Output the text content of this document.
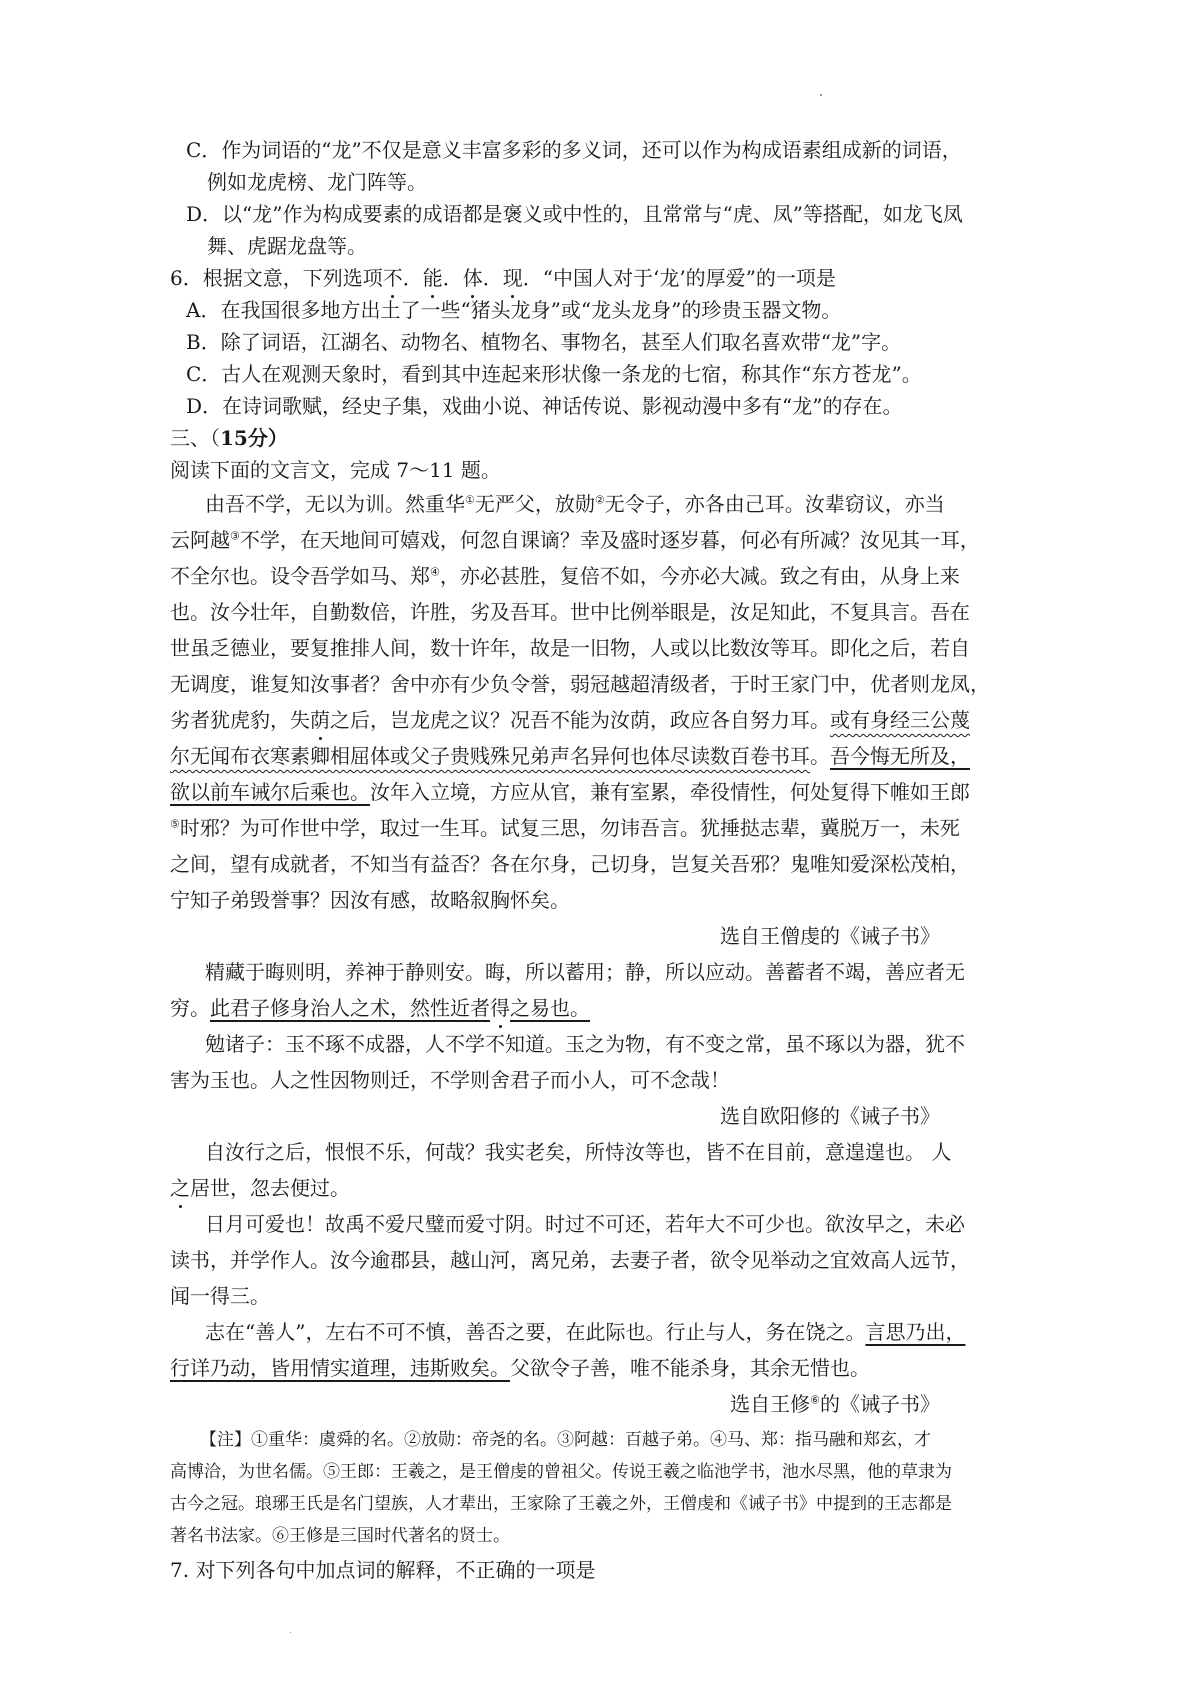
C．作为词语的“龙”不仅是意义丰富多彩的多义词，还可以作为构成语素组成新的词语，
例如龙虎榜、龙门阵等。
D．以“龙”作为构成要素的成语都是褒义或中性的，且常常与“虎、凤”等搭配，如龙飞凤
舞、虎踞龙盘等。
6．根据文意，下列选项不．能．体．现．“中国人对于‘龙’的厚爱”的一项是
A．在我国很多地方出土了一些“猪头龙身”或“龙头龙身”的珍贵玉器文物。
B．除了词语，江湖名、动物名、植物名、事物名，甚至人们取名喜欢带“龙”字。
C．古人在观测天象时，看到其中连起来形状像一条龙的七宿，称其作“东方苍龙”。
D．在诗词歌赋，经史子集，戏曲小说、神话传说、影视动漫中多有“龙”的存在。
三、（15分）
阅读下面的文言文，完成 7～11 题。
由吾不学，无以为训。然重华①无严父，放勋②无令子，亦各由己耳。汝辈窃议，亦当
云阿越③不学，在天地间可嬉戏，何忽自课谪？幸及盛时逐岁暮，何必有所减？汝见其一耳，
不全尔也。设令吾学如马、郑④，亦必甚胜，复倍不如，今亦必大减。致之有由，从身上来
也。汝今壮年，自勤数倍，许胜，劣及吾耳。世中比例举眼是，汝足知此，不复具言。吾在
世虽乏德业，要复推排人间，数十许年，故是一旧物，人或以比数汝等耳。即化之后，若自
无调度，谁复知汝事者？舍中亦有少负令誉，弱冠越超清级者，于时王家门中，优者则龙凤，
劣者犹虎豹，失荫之后，岂龙虎之议？况吾不能为汝荫，政应各自努力耳。或有身经三公蔑
尔无闻布衣寒素卿相屈体或父子贵贱殊兄弟声名异何也体尽读数百卷书耳。吾今悔无所及，
欲以前车诫尔后乘也。汝年入立境，方应从官，兼有室累，牵役情性，何处复得下帷如王郎
⑤时邪？为可作世中学，取过一生耳。试复三思，勿讳吾言。犹捶挞志辈，冀脱万一，未死
之间，望有成就者，不知当有益否？各在尔身，己切身，岂复关吾邪？鬼唯知爱深松茂柏，
宁知子弟毁誉事？因汝有感，故略叙胸怀矣。
选自王僧虔的《诫子书》
精藏于晦则明，养神于静则安。晦，所以蓄用；静，所以应动。善蓄者不竭，善应者无
穷。此君子修身治人之术，然性近者得之易也。
勉诸子：玉不琢不成器，人不学不知道。玉之为物，有不变之常，虽不琢以为器，犹不
害为玉也。人之性因物则迁，不学则舍君子而小人，可不念哉！
选自欧阳修的《诫子书》
自汝行之后，恨恨不乐，何哉？我实老矣，所恃汝等也，皆不在目前，意遑遑也。 人
之居世，忽去便过。
日月可爱也！故禹不爱尺璧而爱寸阴。时过不可还，若年大不可少也。欲汝早之，未必
读书，并学作人。汝今逾郡县，越山河，离兄弟，去妻子者，欲令见举动之宜效高人远节，
闻一得三。
志在“善人”，左右不可不慎，善否之要，在此际也。行止与人，务在饶之。言思乃出，
行详乃动，皆用情实道理，违斯败矣。父欲令子善，唯不能杀身，其余无惜也。
选自王修⑥的《诫子书》
【注】①重华：虞舜的名。②放勋：帝尧的名。③阿越：百越子弟。④马、郑：指马融和郑玄，才
高博洽，为世名儒。⑤王郎：王羲之，是王僧虔的曾祖父。传说王羲之临池学书，池水尽黑，他的草隶为
古今之冠。琅琊王氏是名门望族，人才辈出，王家除了王羲之外，王僧虔和《诫子书》中提到的王志都是
著名书法家。⑥王修是三国时代著名的贤士。
7. 对下列各句中加点词的解释，不正确的一项是
